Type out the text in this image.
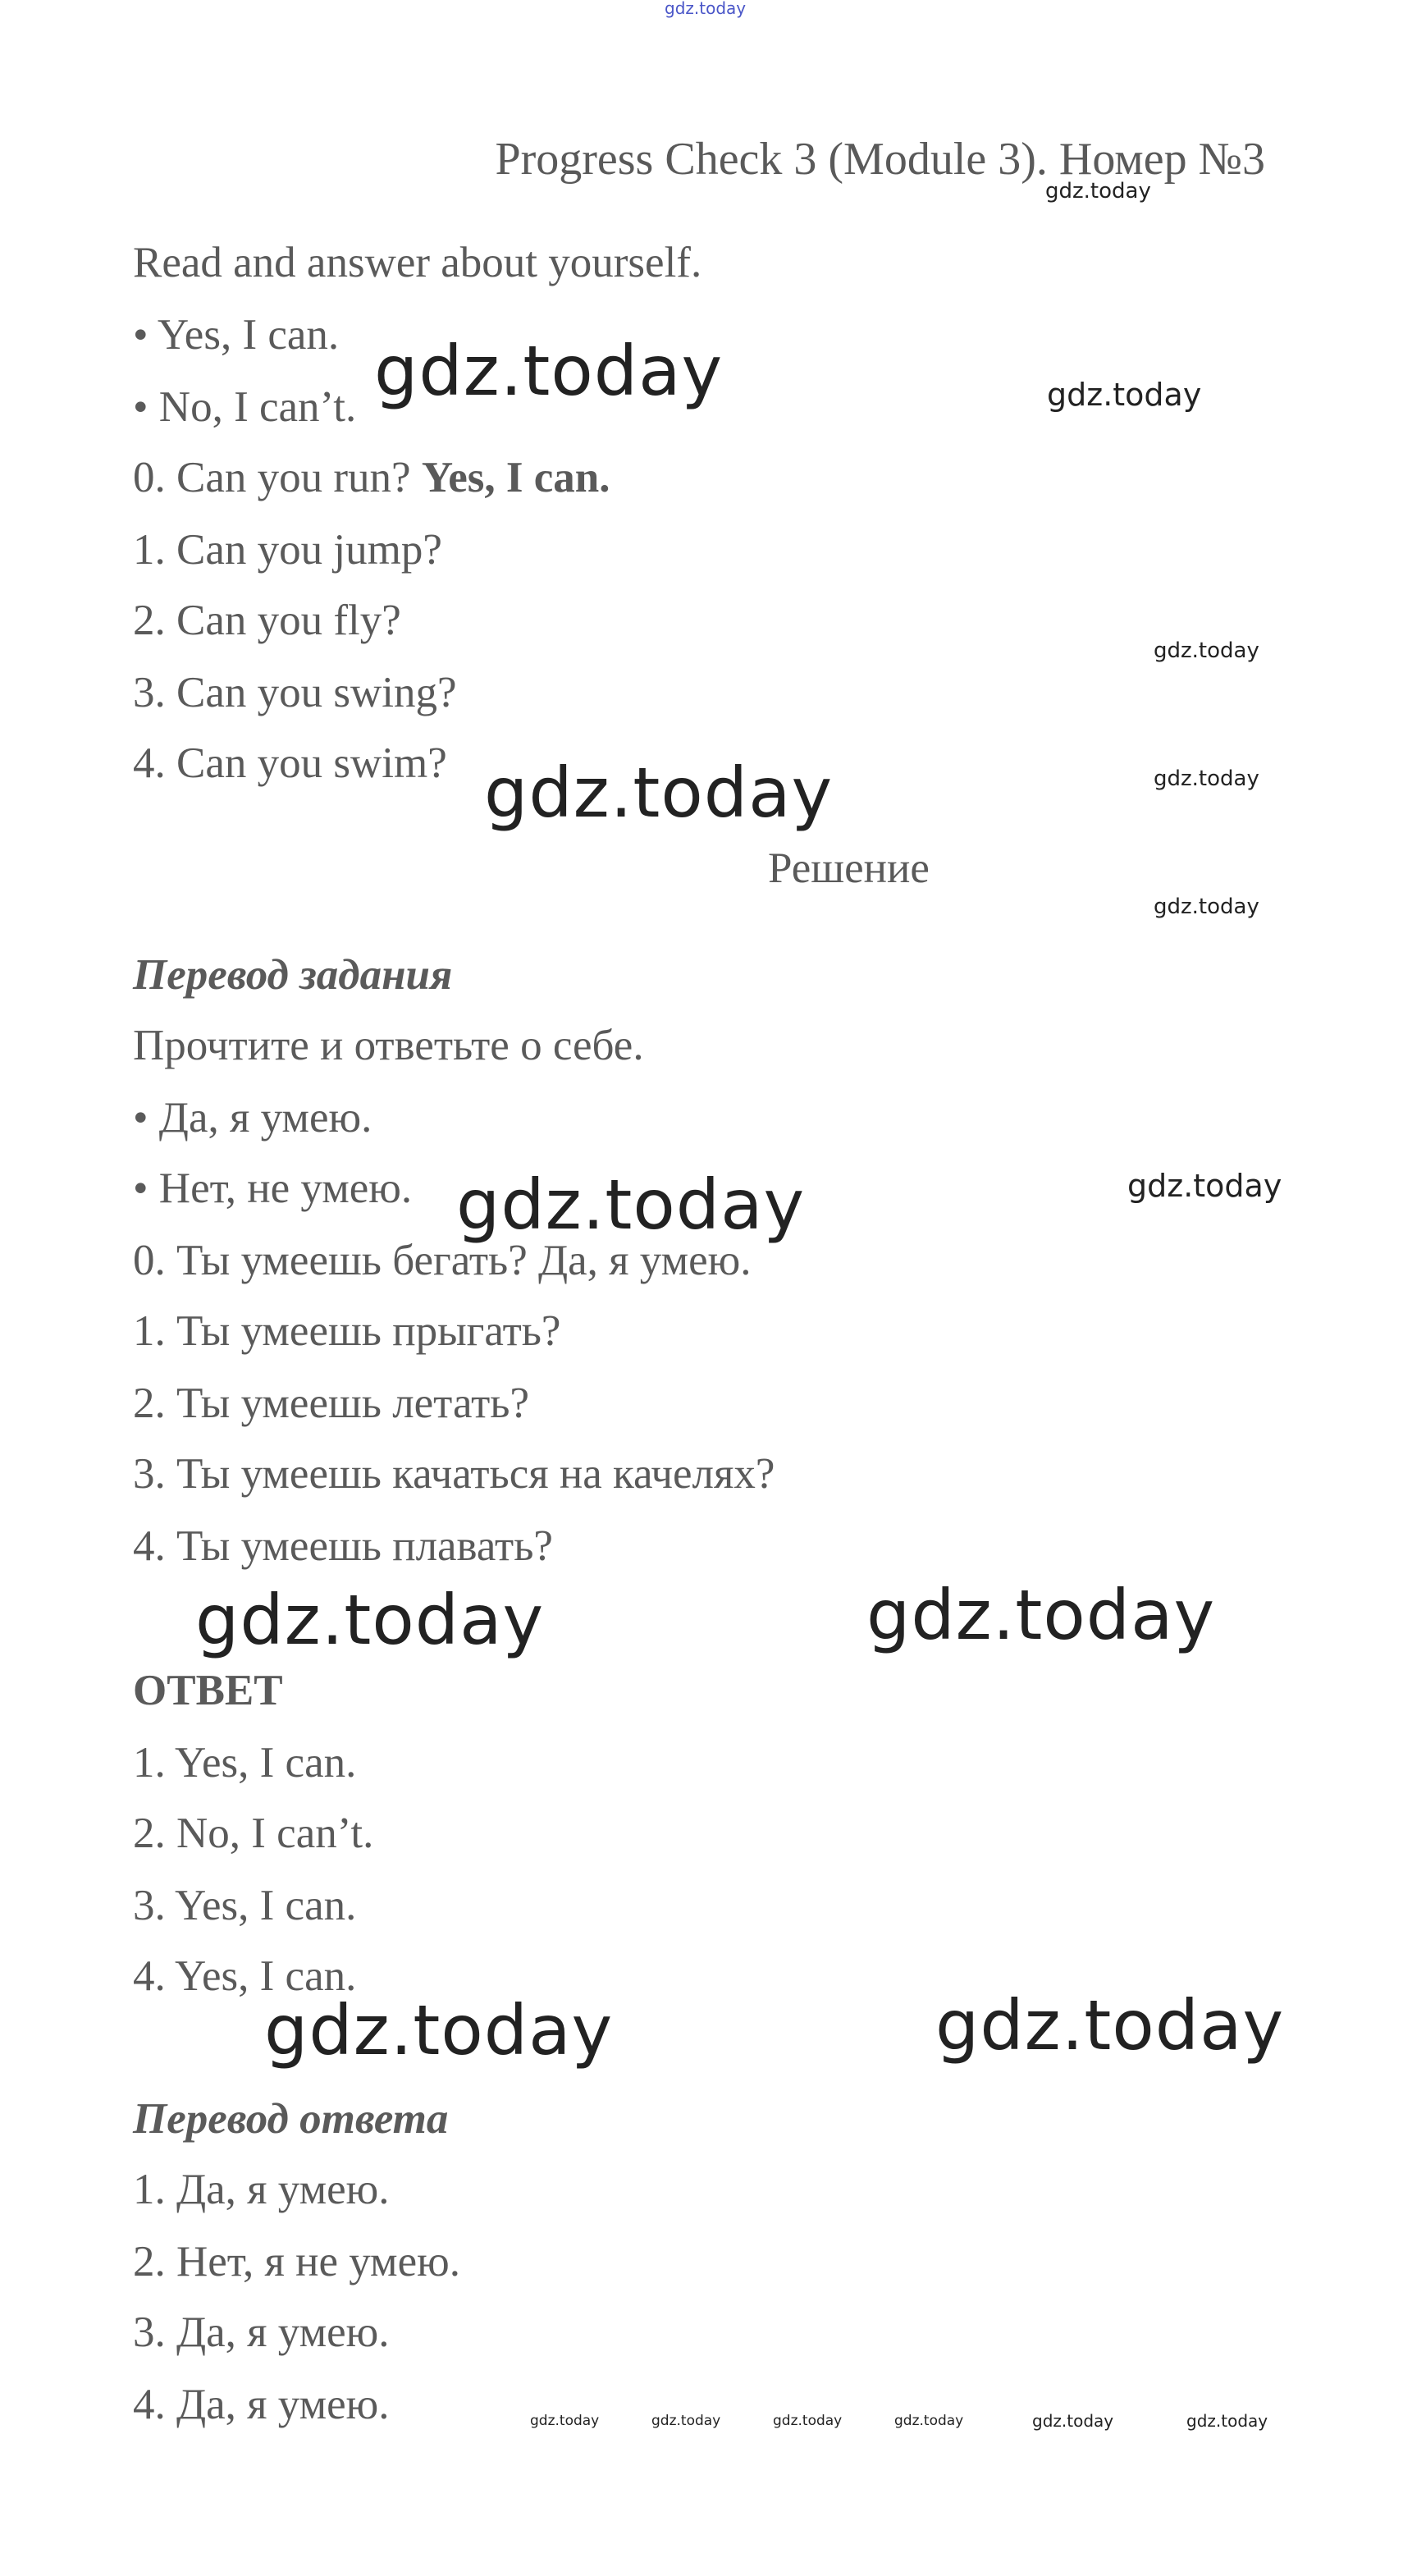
gdz.today
Progress Check 3 (Module 3). Номер №3
gdz.today
Read and answer about yourself.
• Yes, I can.
• No, I can’t. gdz.today	gdz.today
0. Can you run? Yes, I can.
1. Can you jump?
2. Can you fly?
gdz.today
3. Can you swing?
4. Can you swim? gdz.today	gdz.today
Решение
gdz.today
Перевод задания
Прочтите и ответьте о себе.
• Да, я умею.
• Нет, не умею. gdz.today	gdz.today
0. Ты умеешь бегать? Да, я умею.
1. Ты умеешь прыгать?
2. Ты умеешь летать?
3. Ты умеешь качаться на качелях?
4. Ты умеешь плавать?
gdz.today	gdz.today
ОТВЕТ
1. Yes, I can.
2. No, I can’t.
3. Yes, I can.
4. Yes, I can.
gdz.today	gdz.today
Перевод ответа
1. Да, я умею.
2. Нет, я не умею.
3. Да, я умею.
4. Да, я умею.	gdz.today	gdz.today	gdz.today	gdz.today	gdz.today	gdz.today
